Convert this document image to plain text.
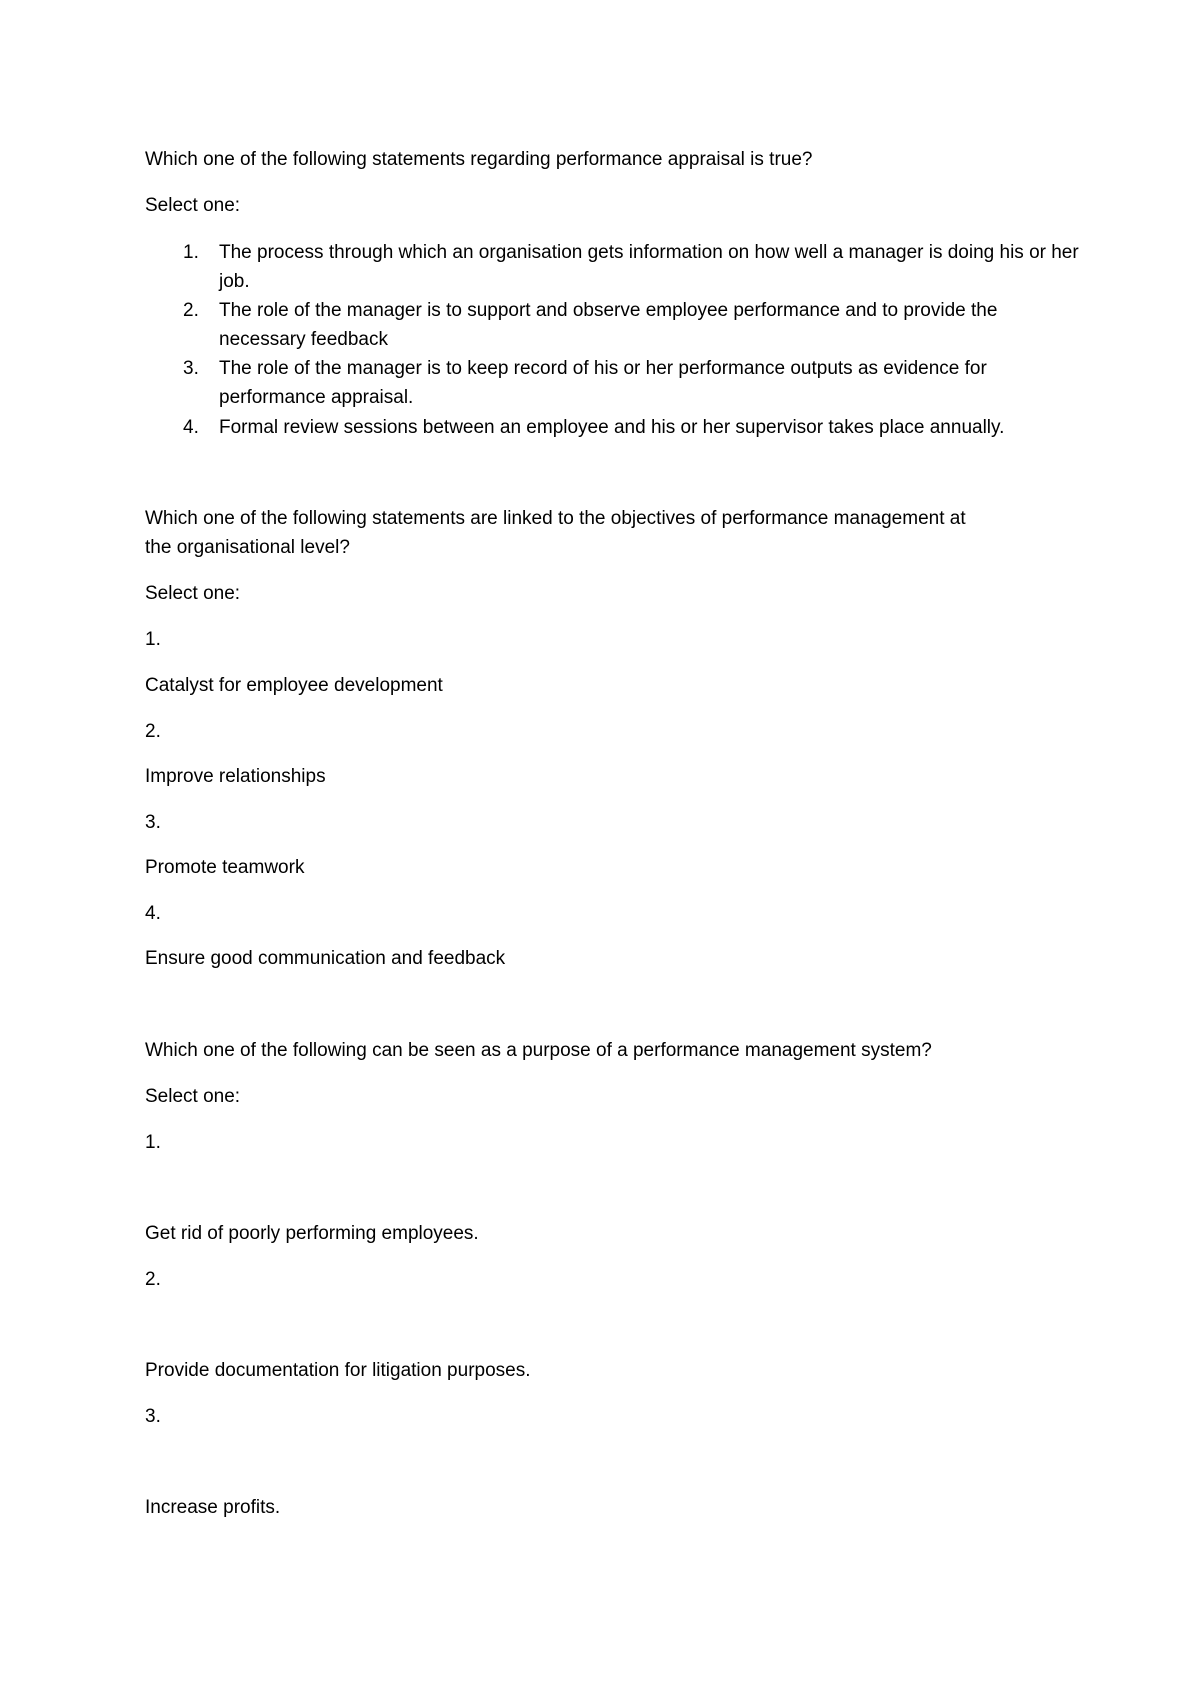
Which one of the following statements regarding performance appraisal is true?
Select one:
1. The process through which an organisation gets information on how well a manager is doing his or her job.
2. The role of the manager is to support and observe employee performance and to provide the necessary feedback
3. The role of the manager is to keep record of his or her performance outputs as evidence for performance appraisal.
4. Formal review sessions between an employee and his or her supervisor takes place annually.
Which one of the following statements are linked to the objectives of performance management at
the organisational level?
Select one:
1.
Catalyst for employee development
2.
Improve relationships
3.
Promote teamwork
4.
Ensure good communication and feedback
Which one of the following can be seen as a purpose of a performance management system?
Select one:
1.
Get rid of poorly performing employees.
2.
Provide documentation for litigation purposes.
3.
Increase profits.
